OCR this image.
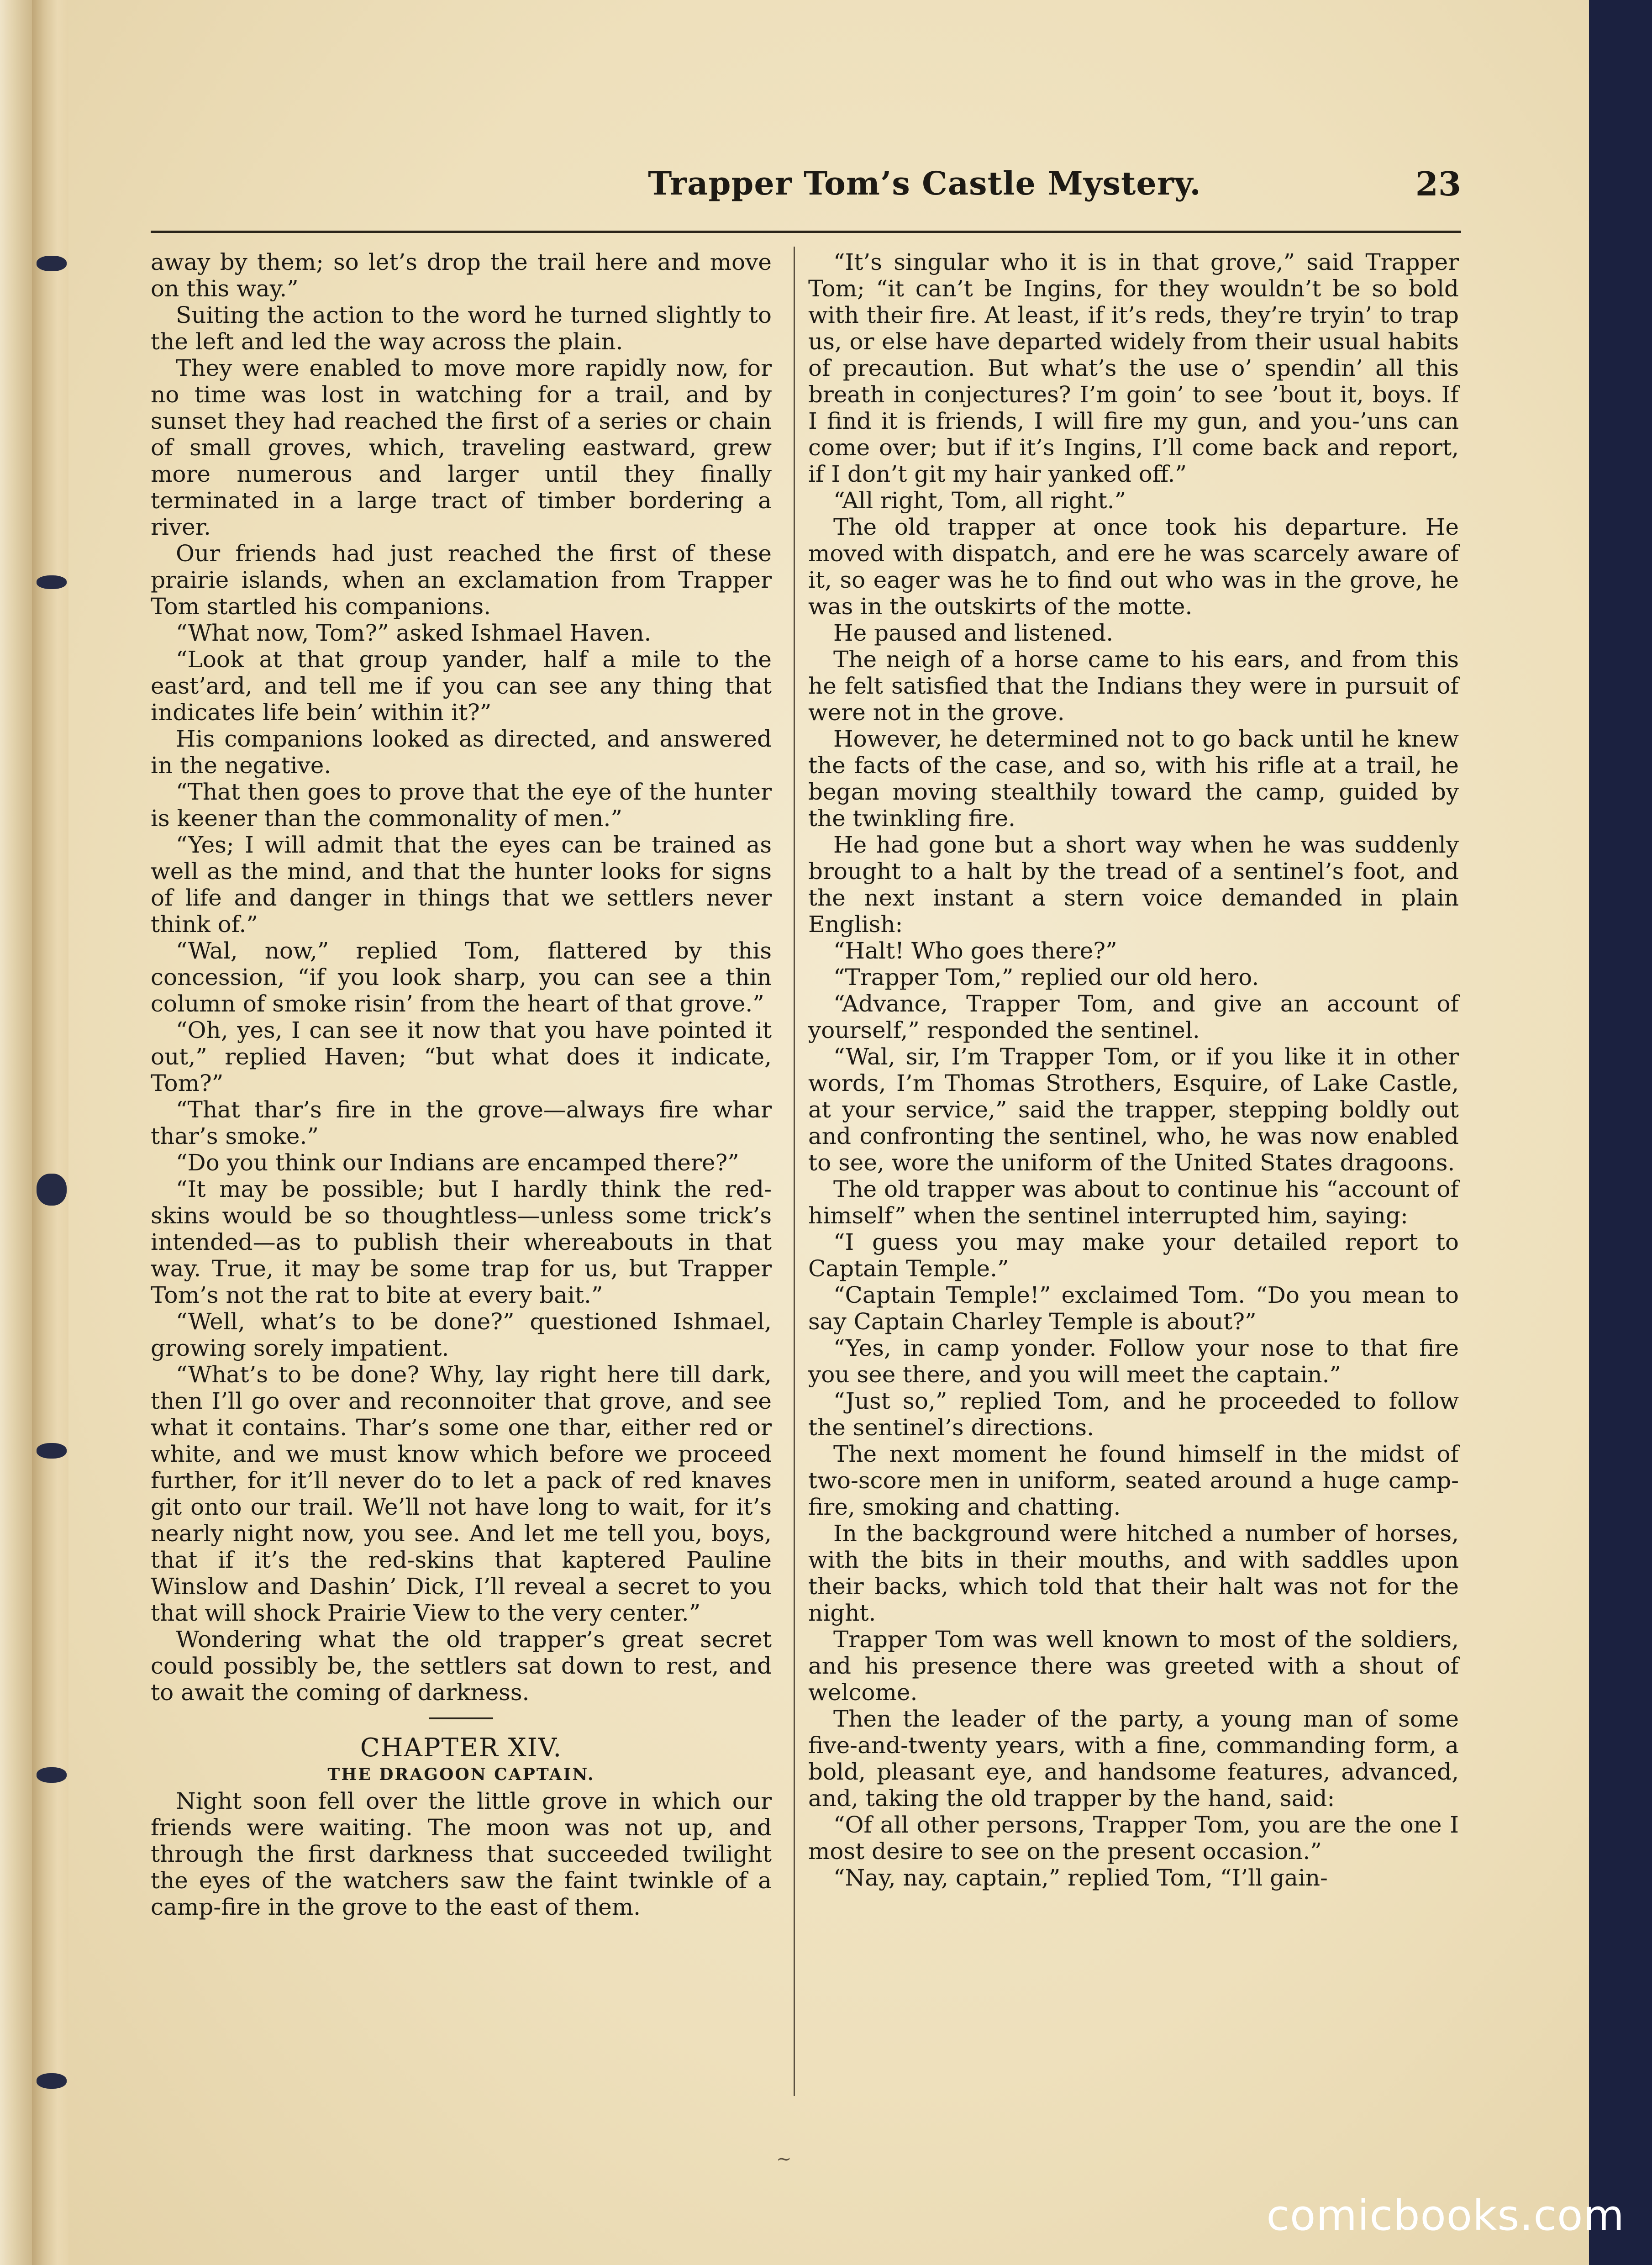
Trapper Tom’s Castle Mystery.	23

away by them; so let’s drop the trail here and move on this way.”

Suiting the action to the word he turned slightly to the left and led the way across the plain.

They were enabled to move more rapidly now, for no time was lost in watching for a trail, and by sunset they had reached the first of a series or chain of small groves, which, traveling eastward, grew more numerous and larger until they finally terminated in a large tract of timber bordering a river.

Our friends had just reached the first of these prairie islands, when an exclamation from Trapper Tom startled his companions.

“What now, Tom?” asked Ishmael Haven.

“Look at that group yander, half a mile to the east’ard, and tell me if you can see any thing that indicates life bein’ within it?”

His companions looked as directed, and answered in the negative.

“That then goes to prove that the eye of the hunter is keener than the commonality of men.”

“Yes; I will admit that the eyes can be trained as well as the mind, and that the hunter looks for signs of life and danger in things that we settlers never think of.”

“Wal, now,” replied Tom, flattered by this concession, “if you look sharp, you can see a thin column of smoke risin’ from the heart of that grove.”

“Oh, yes, I can see it now that you have pointed it out,” replied Haven; “but what does it indicate, Tom?”

“That thar’s fire in the grove—always fire whar thar’s smoke.”

“Do you think our Indians are encamped there?”

“It may be possible; but I hardly think the red-skins would be so thoughtless—unless some trick’s intended—as to publish their whereabouts in that way. True, it may be some trap for us, but Trapper Tom’s not the rat to bite at every bait.”

“Well, what’s to be done?” questioned Ishmael, growing sorely impatient.

“What’s to be done? Why, lay right here till dark, then I’ll go over and reconnoiter that grove, and see what it contains. Thar’s some one thar, either red or white, and we must know which before we proceed further, for it’ll never do to let a pack of red knaves git onto our trail. We’ll not have long to wait, for it’s nearly night now, you see. And let me tell you, boys, that if it’s the red-skins that kaptered Pauline Winslow and Dashin’ Dick, I’ll reveal a secret to you that will shock Prairie View to the very center.”

Wondering what the old trapper’s great secret could possibly be, the settlers sat down to rest, and to await the coming of darkness.

CHAPTER XIV.

THE DRAGOON CAPTAIN.

Night soon fell over the little grove in which our friends were waiting. The moon was not up, and through the first darkness that succeeded twilight the eyes of the watchers saw the faint twinkle of a camp-fire in the grove to the east of them.

“It’s singular who it is in that grove,” said Trapper Tom; “it can’t be Ingins, for they wouldn’t be so bold with their fire. At least, if it’s reds, they’re tryin’ to trap us, or else have departed widely from their usual habits of precaution. But what’s the use o’ spendin’ all this breath in conjectures? I’m goin’ to see ’bout it, boys. If I find it is friends, I will fire my gun, and you-’uns can come over; but if it’s Ingins, I’ll come back and report, if I don’t git my hair yanked off.”

“All right, Tom, all right.”

The old trapper at once took his departure. He moved with dispatch, and ere he was scarcely aware of it, so eager was he to find out who was in the grove, he was in the outskirts of the motte.

He paused and listened.

The neigh of a horse came to his ears, and from this he felt satisfied that the Indians they were in pursuit of were not in the grove.

However, he determined not to go back until he knew the facts of the case, and so, with his rifle at a trail, he began moving stealthily toward the camp, guided by the twinkling fire.

He had gone but a short way when he was suddenly brought to a halt by the tread of a sentinel’s foot, and the next instant a stern voice demanded in plain English:

“Halt! Who goes there?”

“Trapper Tom,” replied our old hero.

“Advance, Trapper Tom, and give an account of yourself,” responded the sentinel.

“Wal, sir, I’m Trapper Tom, or if you like it in other words, I’m Thomas Strothers, Esquire, of Lake Castle, at your service,” said the trapper, stepping boldly out and confronting the sentinel, who, he was now enabled to see, wore the uniform of the United States dragoons.

The old trapper was about to continue his “account of himself” when the sentinel interrupted him, saying:

“I guess you may make your detailed report to Captain Temple.”

“Captain Temple!” exclaimed Tom. “Do you mean to say Captain Charley Temple is about?”

“Yes, in camp yonder. Follow your nose to that fire you see there, and you will meet the captain.”

“Just so,” replied Tom, and he proceeded to follow the sentinel’s directions.

The next moment he found himself in the midst of two-score men in uniform, seated around a huge camp-fire, smoking and chatting.

In the background were hitched a number of horses, with the bits in their mouths, and with saddles upon their backs, which told that their halt was not for the night.

Trapper Tom was well known to most of the soldiers, and his presence there was greeted with a shout of welcome.

Then the leader of the party, a young man of some five-and-twenty years, with a fine, commanding form, a bold, pleasant eye, and handsome features, advanced, and, taking the old trapper by the hand, said:

“Of all other persons, Trapper Tom, you are the one I most desire to see on the present occasion.”

“Nay, nay, captain,” replied Tom, “I’ll gain-

~
comicbooks.com
